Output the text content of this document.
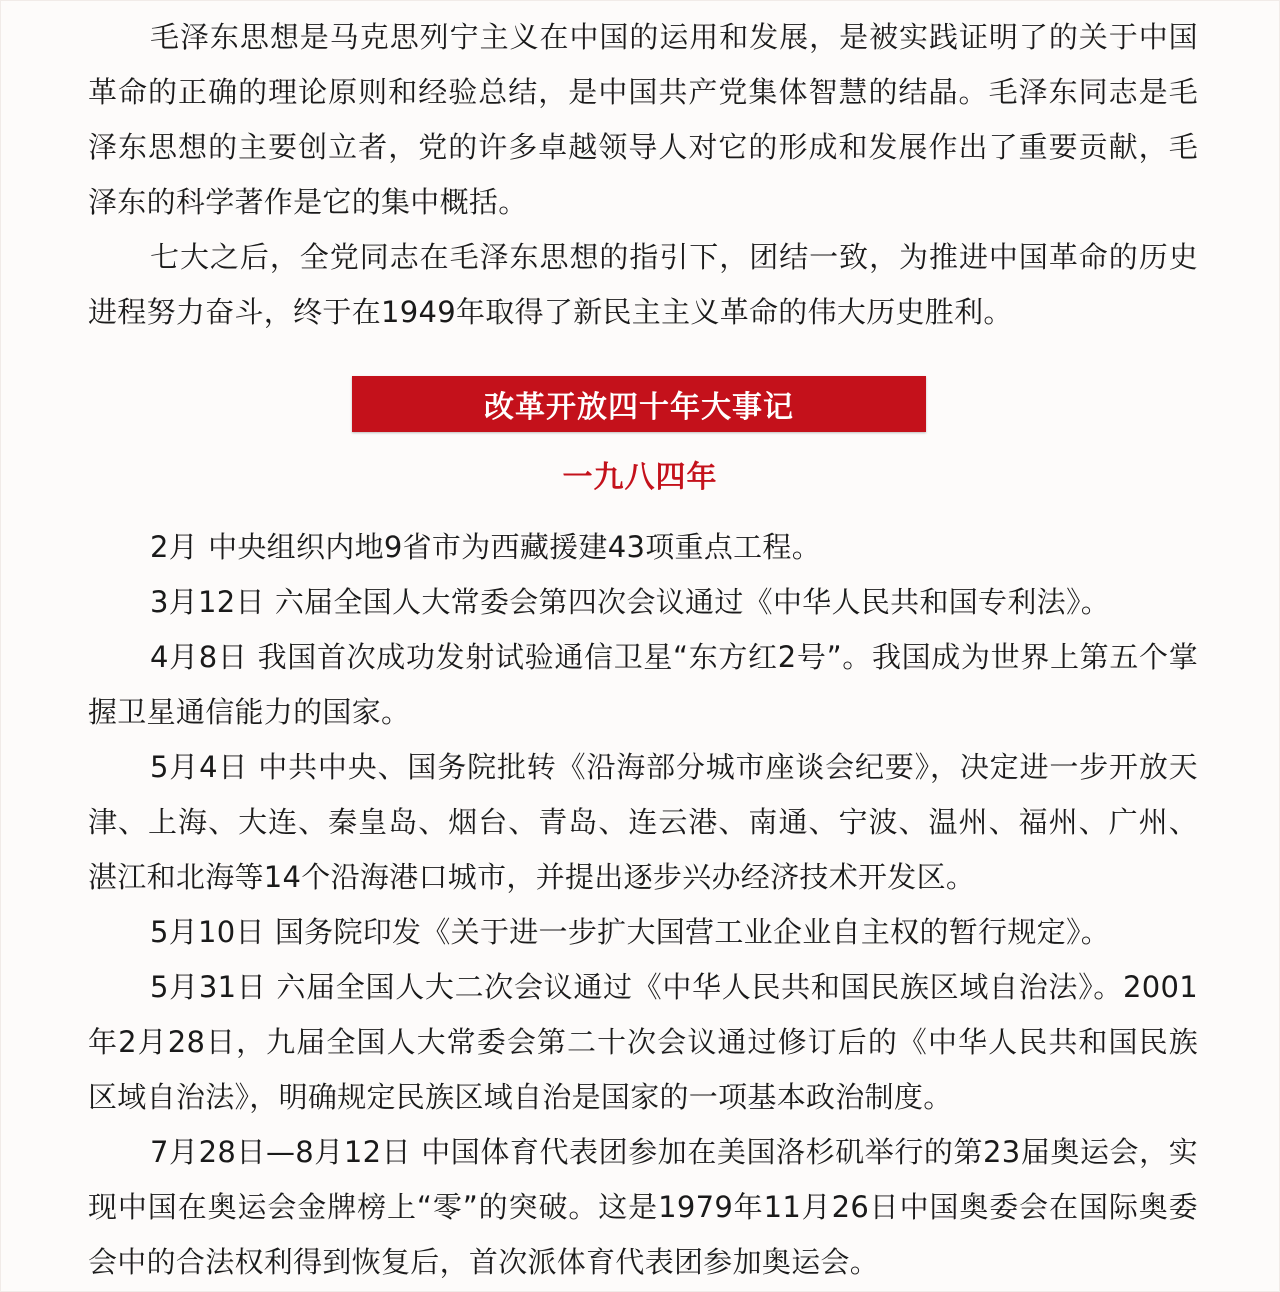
毛泽东思想是马克思列宁主义在中国的运用和发展，是被实践证明了的关于中国革命的正确的理论原则和经验总结，是中国共产党集体智慧的结晶。毛泽东同志是毛泽东思想的主要创立者，党的许多卓越领导人对它的形成和发展作出了重要贡献，毛泽东的科学著作是它的集中概括。

七大之后，全党同志在毛泽东思想的指引下，团结一致，为推进中国革命的历史进程努力奋斗，终于在1949年取得了新民主主义革命的伟大历史胜利。

改革开放四十年大事记
一九八四年

2月 中央组织内地9省市为西藏援建43项重点工程。

3月12日 六届全国人大常委会第四次会议通过《中华人民共和国专利法》。

4月8日 我国首次成功发射试验通信卫星“东方红2号”。我国成为世界上第五个掌握卫星通信能力的国家。

5月4日 中共中央、国务院批转《沿海部分城市座谈会纪要》，决定进一步开放天津、上海、大连、秦皇岛、烟台、青岛、连云港、南通、宁波、温州、福州、广州、湛江和北海等14个沿海港口城市，并提出逐步兴办经济技术开发区。

5月10日 国务院印发《关于进一步扩大国营工业企业自主权的暂行规定》。

5月31日 六届全国人大二次会议通过《中华人民共和国民族区域自治法》。2001年2月28日，九届全国人大常委会第二十次会议通过修订后的《中华人民共和国民族区域自治法》，明确规定民族区域自治是国家的一项基本政治制度。

7月28日—8月12日 中国体育代表团参加在美国洛杉矶举行的第23届奥运会，实现中国在奥运会金牌榜上“零”的突破。这是1979年11月26日中国奥委会在国际奥委会中的合法权利得到恢复后，首次派体育代表团参加奥运会。
